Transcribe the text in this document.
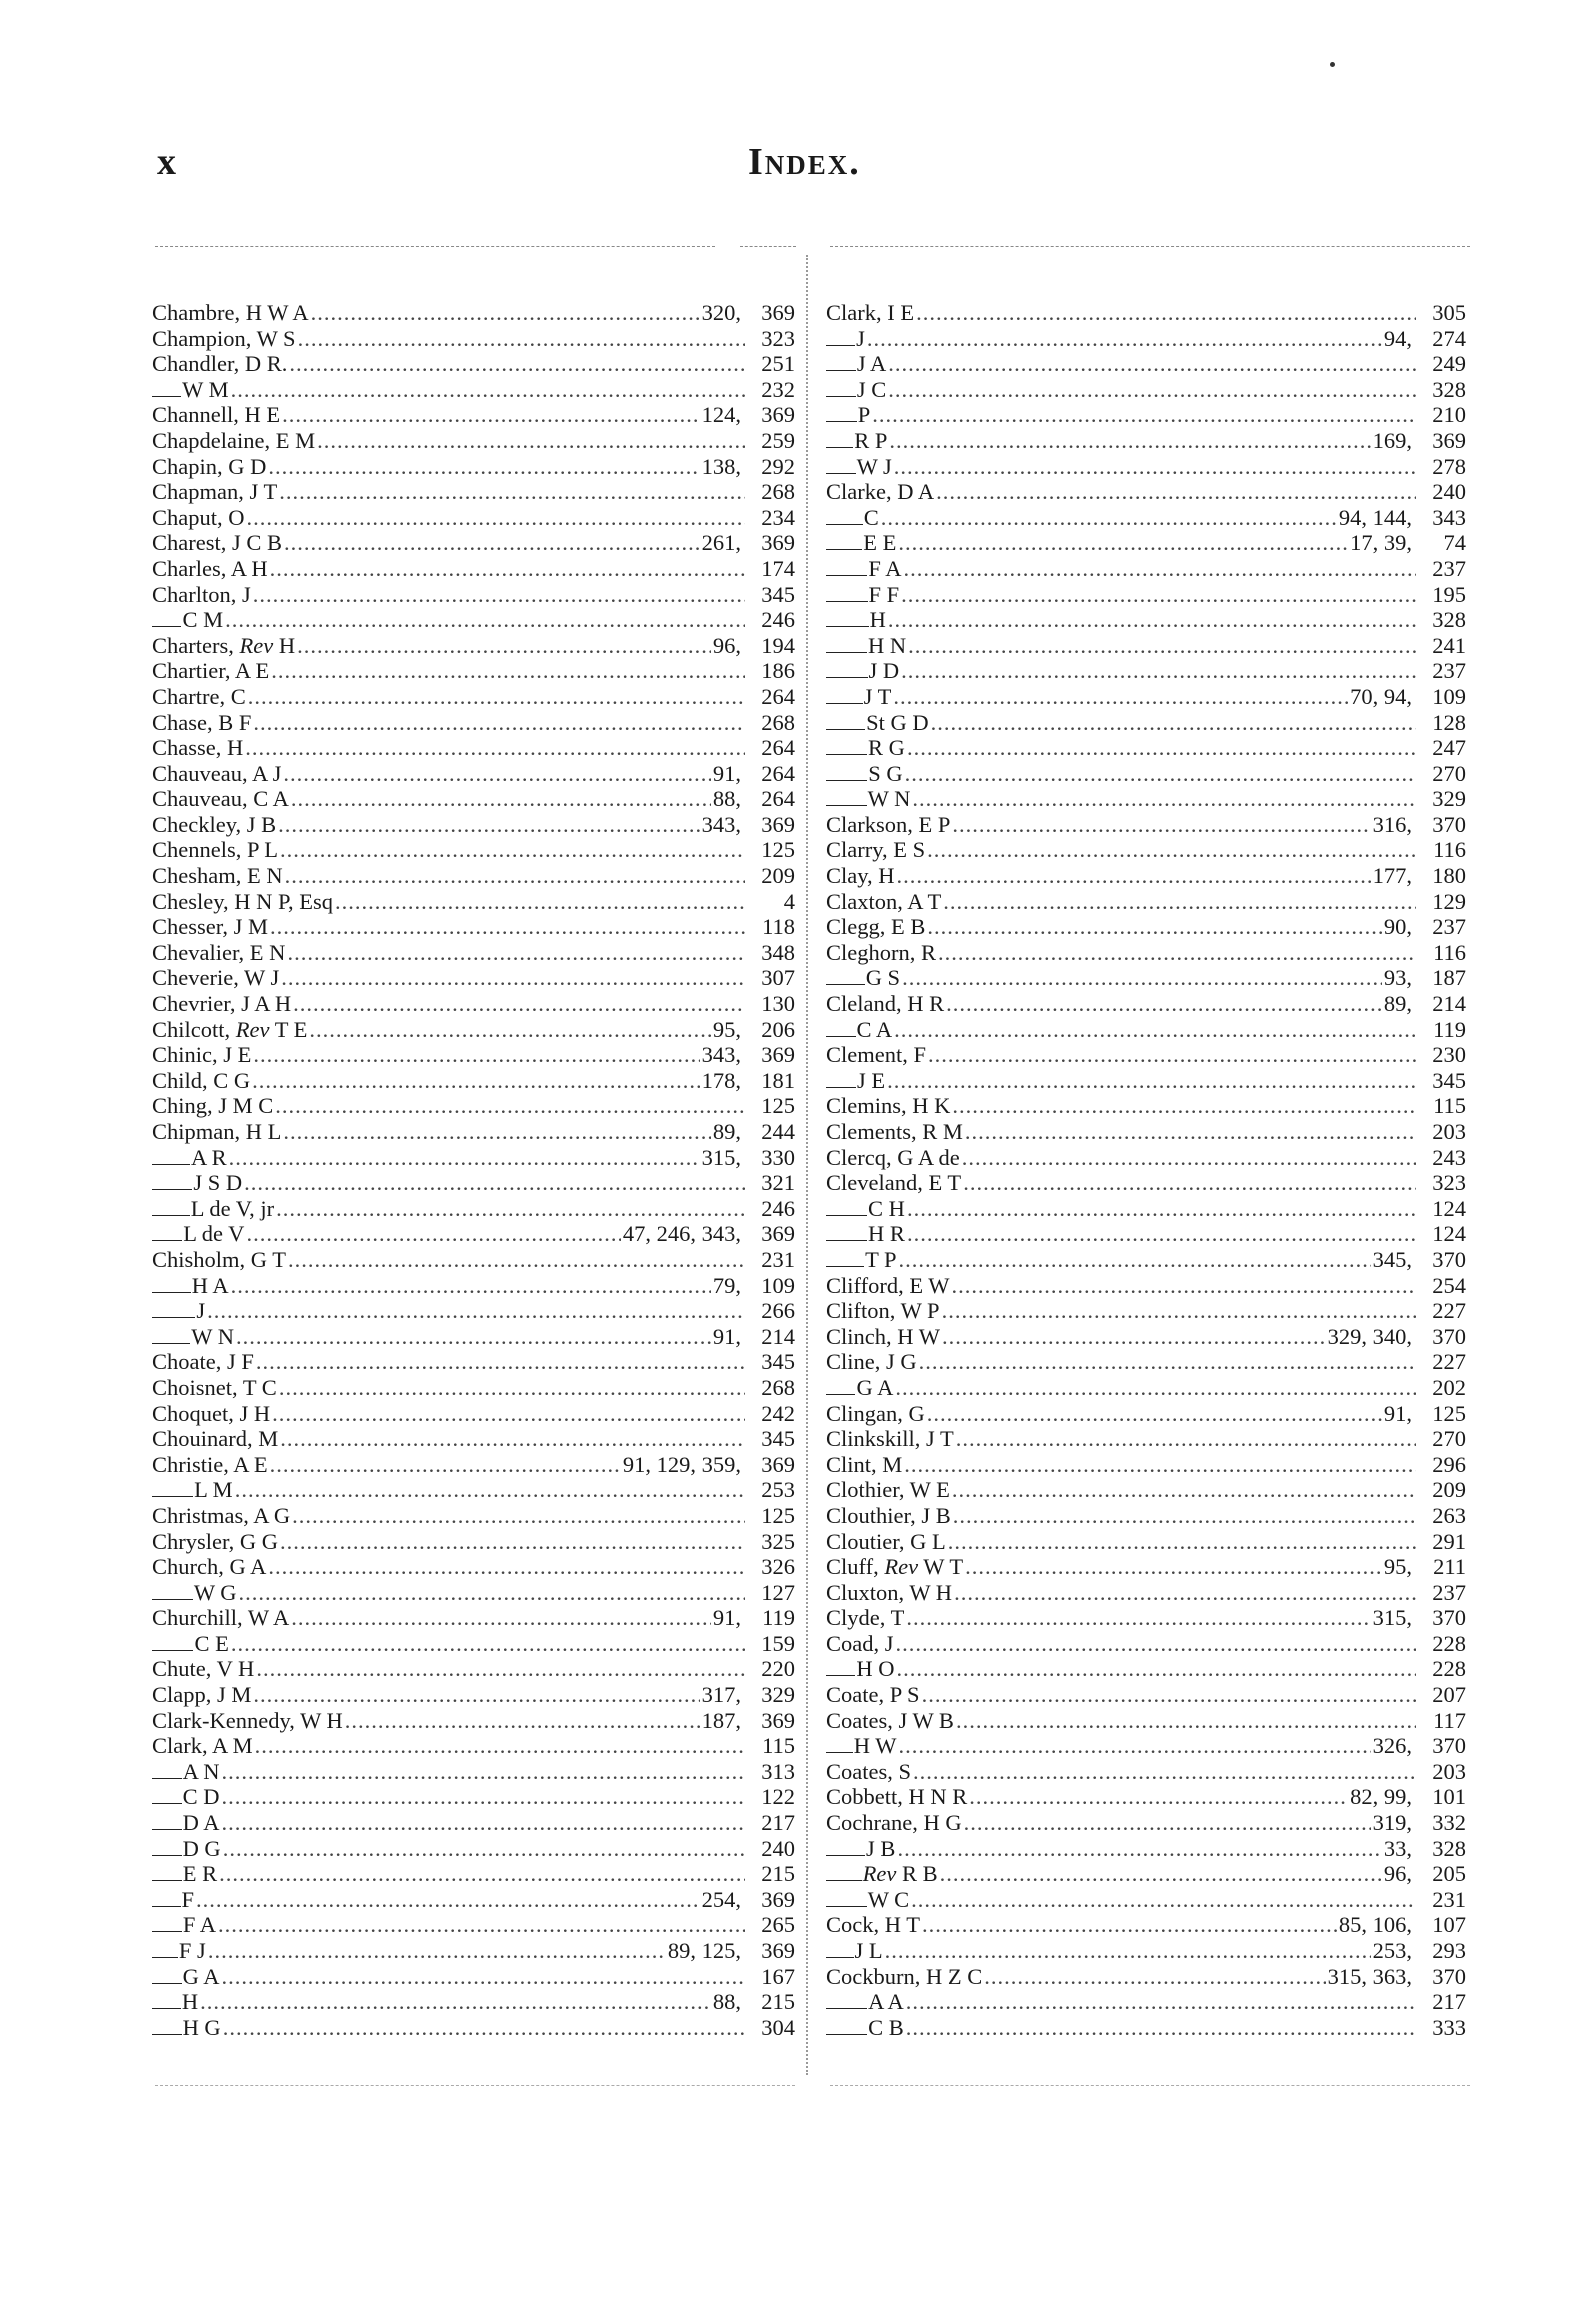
x	Index.
Chambre, H W A .....	320, 369
Champion, W S .....	323
Chandler, D R. .....	251
W M .....	232
Channell, H E .....	124, 369
Chapdelaine, E M .....	259
Chapin, G D .....	138, 292
Chapman, J T .....	268
Chaput, O .....	234
Charest, J C B .....	261, 369
Charles, A H .....	174
Charlton, J .....	345
C M .....	246
Charters, Rev H .....	96, 194
Chartier, A E .....	186
Chartre, C .....	264
Chase, B F .....	268
Chasse, H .....	264
Chauveau, A J .....	91, 264
Chauveau, C A .....	88, 264
Checkley, J B .....	343, 369
Chennels, P L .....	125
Chesham, E N .....	209
Chesley, H N P, Esq .....	4
Chesser, J M .....	118
Chevalier, E N .....	348
Cheverie, W J .....	307
Chevrier, J A H .....	130
Chilcott, Rev T E .....	95, 206
Chinic, J E .....	343, 369
Child, C G .....	178, 181
Ching, J M C .....	125
Chipman, H L .....	89, 244
A R .....	315, 330
J S D .....	321
L de V, jr .....	246
L de V .....	47, 246, 343, 369
Chisholm, G T .....	231
H A .....	79, 109
J .....	266
W N .....	91, 214
Choate, J F .....	345
Choisnet, T C .....	268
Choquet, J H .....	242
Chouinard, M .....	345
Christie, A E .....	91, 129, 359, 369
L M .....	253
Christmas, A G .....	125
Chrysler, G G .....	325
Church, G A .....	326
W G .....	127
Churchill, W A .....	91, 119
C E .....	159
Chute, V H .....	220
Clapp, J M .....	317, 329
Clark-Kennedy, W H .....	187, 369
Clark, A M .....	115
A N .....	313
C D .....	122
D A .....	217
D G .....	240
E R .....	215
F .....	254, 369
F A .....	265
F J .....	89, 125, 369
G A .....	167
H .....	88, 215
H G .....	304
Clark, I E .....	305
J .....	94, 274
J A .....	249
J C .....	328
P .....	210
R P .....	169, 369
W J .....	278
Clarke, D A .....	240
C .....	94, 144, 343
E E .....	17, 39,	74
F A .....	237
F F .....	195
H .....	328
H N .....	241
J D .....	237
J T .....	70, 94, 109
St G D .....	128
R G .....	247
S G .....	270
W N .....	329
Clarkson, E P .....	316, 370
Clarry, E S .....	116
Clay, H .....	177, 180
Claxton, A T .....	129
Clegg, E B .....	90, 237
Cleghorn, R .....	116
G S .....	93, 187
Cleland, H R .....	89, 214
C A .....	119
Clement, F .....	230
J E .....	345
Clemins, H K .....	115
Clements, R M .....	203
Clercq, G A de .....	243
Cleveland, E T .....	323
C H .....	124
H R .....	124
T P .....	345, 370
Clifford, E W .....	254
Clifton, W P .....	227
Clinch, H W .....	329, 340, 370
Cline, J G .....	227
G A .....	202
Clingan, G .....	91, 125
Clinkskill, J T .....	270
Clint, M .....	296
Clothier, W E .....	209
Clouthier, J B .....	263
Cloutier, G L .....	291
Cluff, Rev W T .....	95, 211
Cluxton, W H .....	237
Clyde, T .....	315, 370
Coad, J .....	228
H O .....	228
Coate, P S .....	207
Coates, J W B .....	117
H W .....	326, 370
Coates, S .....	203
Cobbett, H N R .....	82, 99, 101
Cochrane, H G .....	319, 332
J B .....	33, 328
Rev R B .....	96, 205
W C .....	231
Cock, H T .....	85, 106, 107
J L .....	253, 293
Cockburn, H Z C .....	315, 363, 370
A A .....	217
C B .....	333
